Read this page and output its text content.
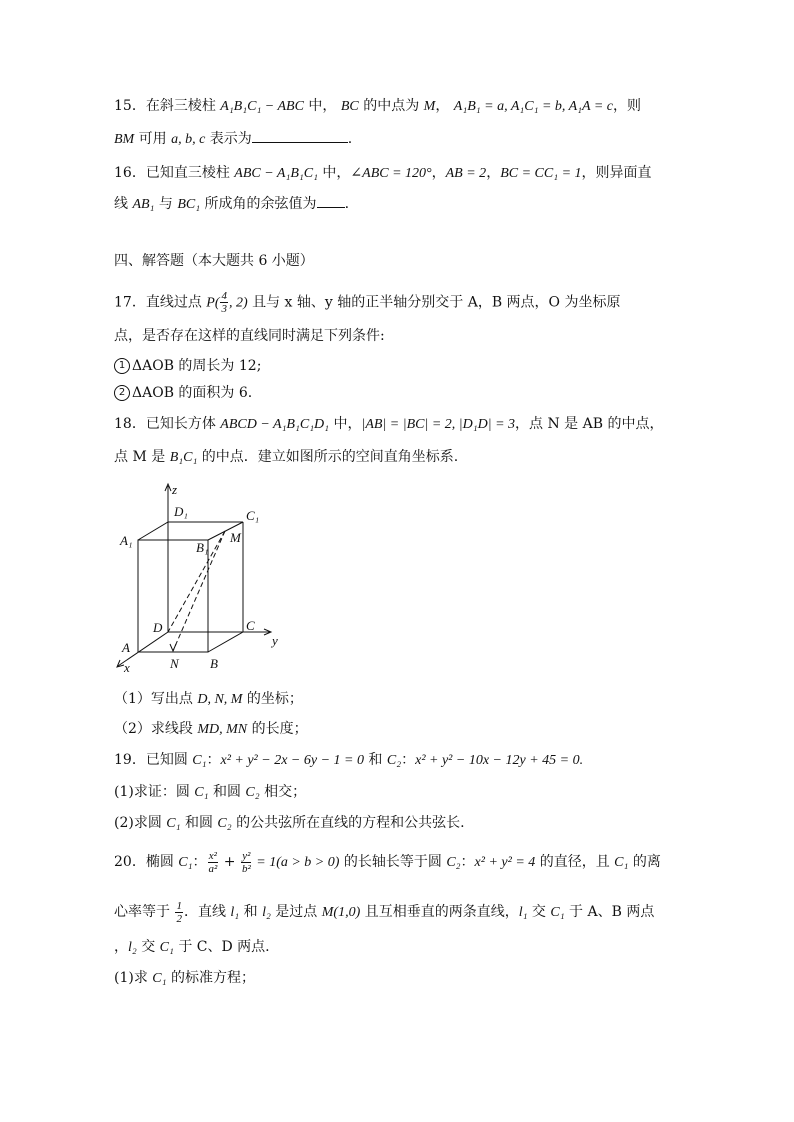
15．在斜三棱柱 A₁B₁C₁ − ABC 中， BC 的中点为 M， A₁B₁ = a, A₁C₁ = b, A₁A = c，则
BM 可用 a, b, c 表示为	.
16．已知直三棱柱 ABC − A₁B₁C₁ 中，∠ABC = 120°，AB = 2，BC = CC₁ = 1，则异面直
线 AB₁ 与 BC₁ 所成角的余弦值为 .
四、解答题（本大题共 6 小题）
17．直线过点 $P( \frac{4}{3}$ , 2) 且与 x 轴、y 轴的正半轴分别交于 A，B 两点，O 为坐标原
点，是否存在这样的直线同时满足下列条件:
1 ΔAOB 的周长为 12;
2 ΔAOB 的面积为 6.
18．已知长方体 ABCD − A₁B₁C₁D₁ 中，|AB| = |BC| = 2, |D₁D| = 3，点 N 是 AB 的中点，
点 M 是 B₁C₁ 的中点．建立如图所示的空间直角坐标系.
z
D₁	C₁
A₁	B₁
M
D	C
y
A
x	N B
（1）写出点 D, N, M 的坐标；
（2）求线段 MD, MN 的长度；
19．已知圆 C₁：x² + y² − 2x − 6y − 1 = 0 和 C₂：x² + y² − 10x − 12y + 45 = 0.
(1)求证：圆 C₁ 和圆 C₂ 相交；
(2)求圆 C₁ 和圆 C₂ 的公共弦所在直线的方程和公共弦长.
20．椭圆 C₁： $\frac{\text{x²}}{\text{a²}} + \frac{\text{y²}}{\text{b²}} = 1(a > b > 0)$ 的长轴长等于圆 C₂：x² + y² = 4 的直径，且 C₁ 的离
心率等于 $\frac{1}{2}$ ．直线 l₁ 和 l₂ 是过点 M(1,0) 且互相垂直的两条直线，l₁ 交 C₁ 于 A、B 两点
，l₂ 交 C₁ 于 C、D 两点.
(1)求 C₁ 的标准方程；
